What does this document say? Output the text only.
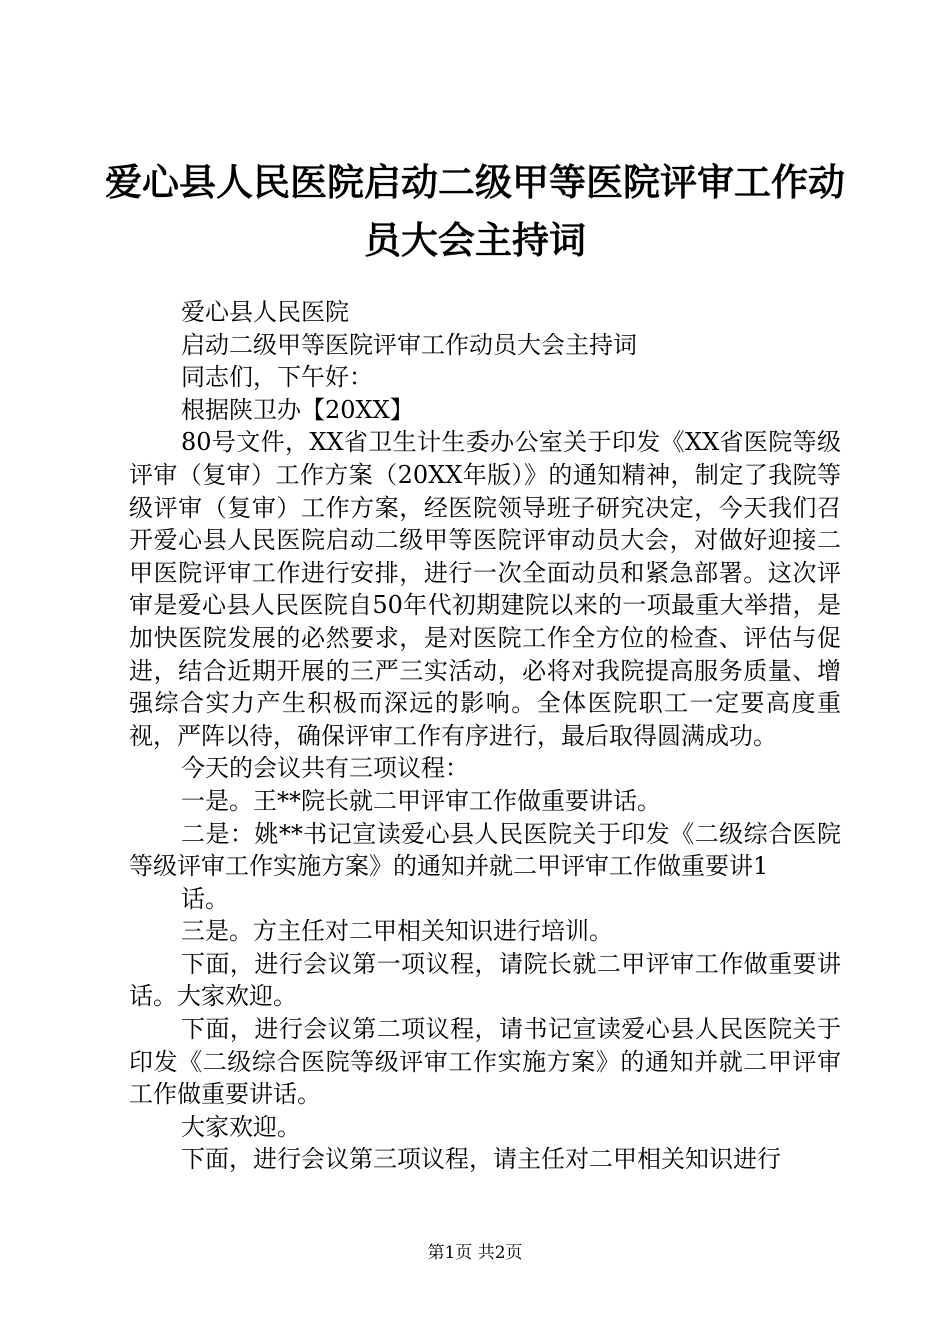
爱心县人民医院启动二级甲等医院评审工作动
员大会主持词

爱心县人民医院

启动二级甲等医院评审工作动员大会主持词

同志们，下午好：

根据陕卫办【20XX】

80号文件，XX省卫生计生委办公室关于印发《XX省医院等级评审（复审）工作方案（20XX年版）》的通知精神，制定了我院等级评审（复审）工作方案，经医院领导班子研究决定，今天我们召开爱心县人民医院启动二级甲等医院评审动员大会，对做好迎接二甲医院评审工作进行安排，进行一次全面动员和紧急部署。这次评审是爱心县人民医院自50年代初期建院以来的一项最重大举措，是加快医院发展的必然要求，是对医院工作全方位的检查、评估与促进，结合近期开展的三严三实活动，必将对我院提高服务质量、增强综合实力产生积极而深远的影响。全体医院职工一定要高度重视，严阵以待，确保评审工作有序进行，最后取得圆满成功。

今天的会议共有三项议程：

一是。王**院长就二甲评审工作做重要讲话。

二是：姚**书记宣读爱心县人民医院关于印发《二级综合医院等级评审工作实施方案》的通知并就二甲评审工作做重要讲1

话。

三是。方主任对二甲相关知识进行培训。

下面，进行会议第一项议程，请院长就二甲评审工作做重要讲话。大家欢迎。

下面，进行会议第二项议程，请书记宣读爱心县人民医院关于印发《二级综合医院等级评审工作实施方案》的通知并就二甲评审工作做重要讲话。

大家欢迎。

下面，进行会议第三项议程，请主任对二甲相关知识进行

第1页 共2页
